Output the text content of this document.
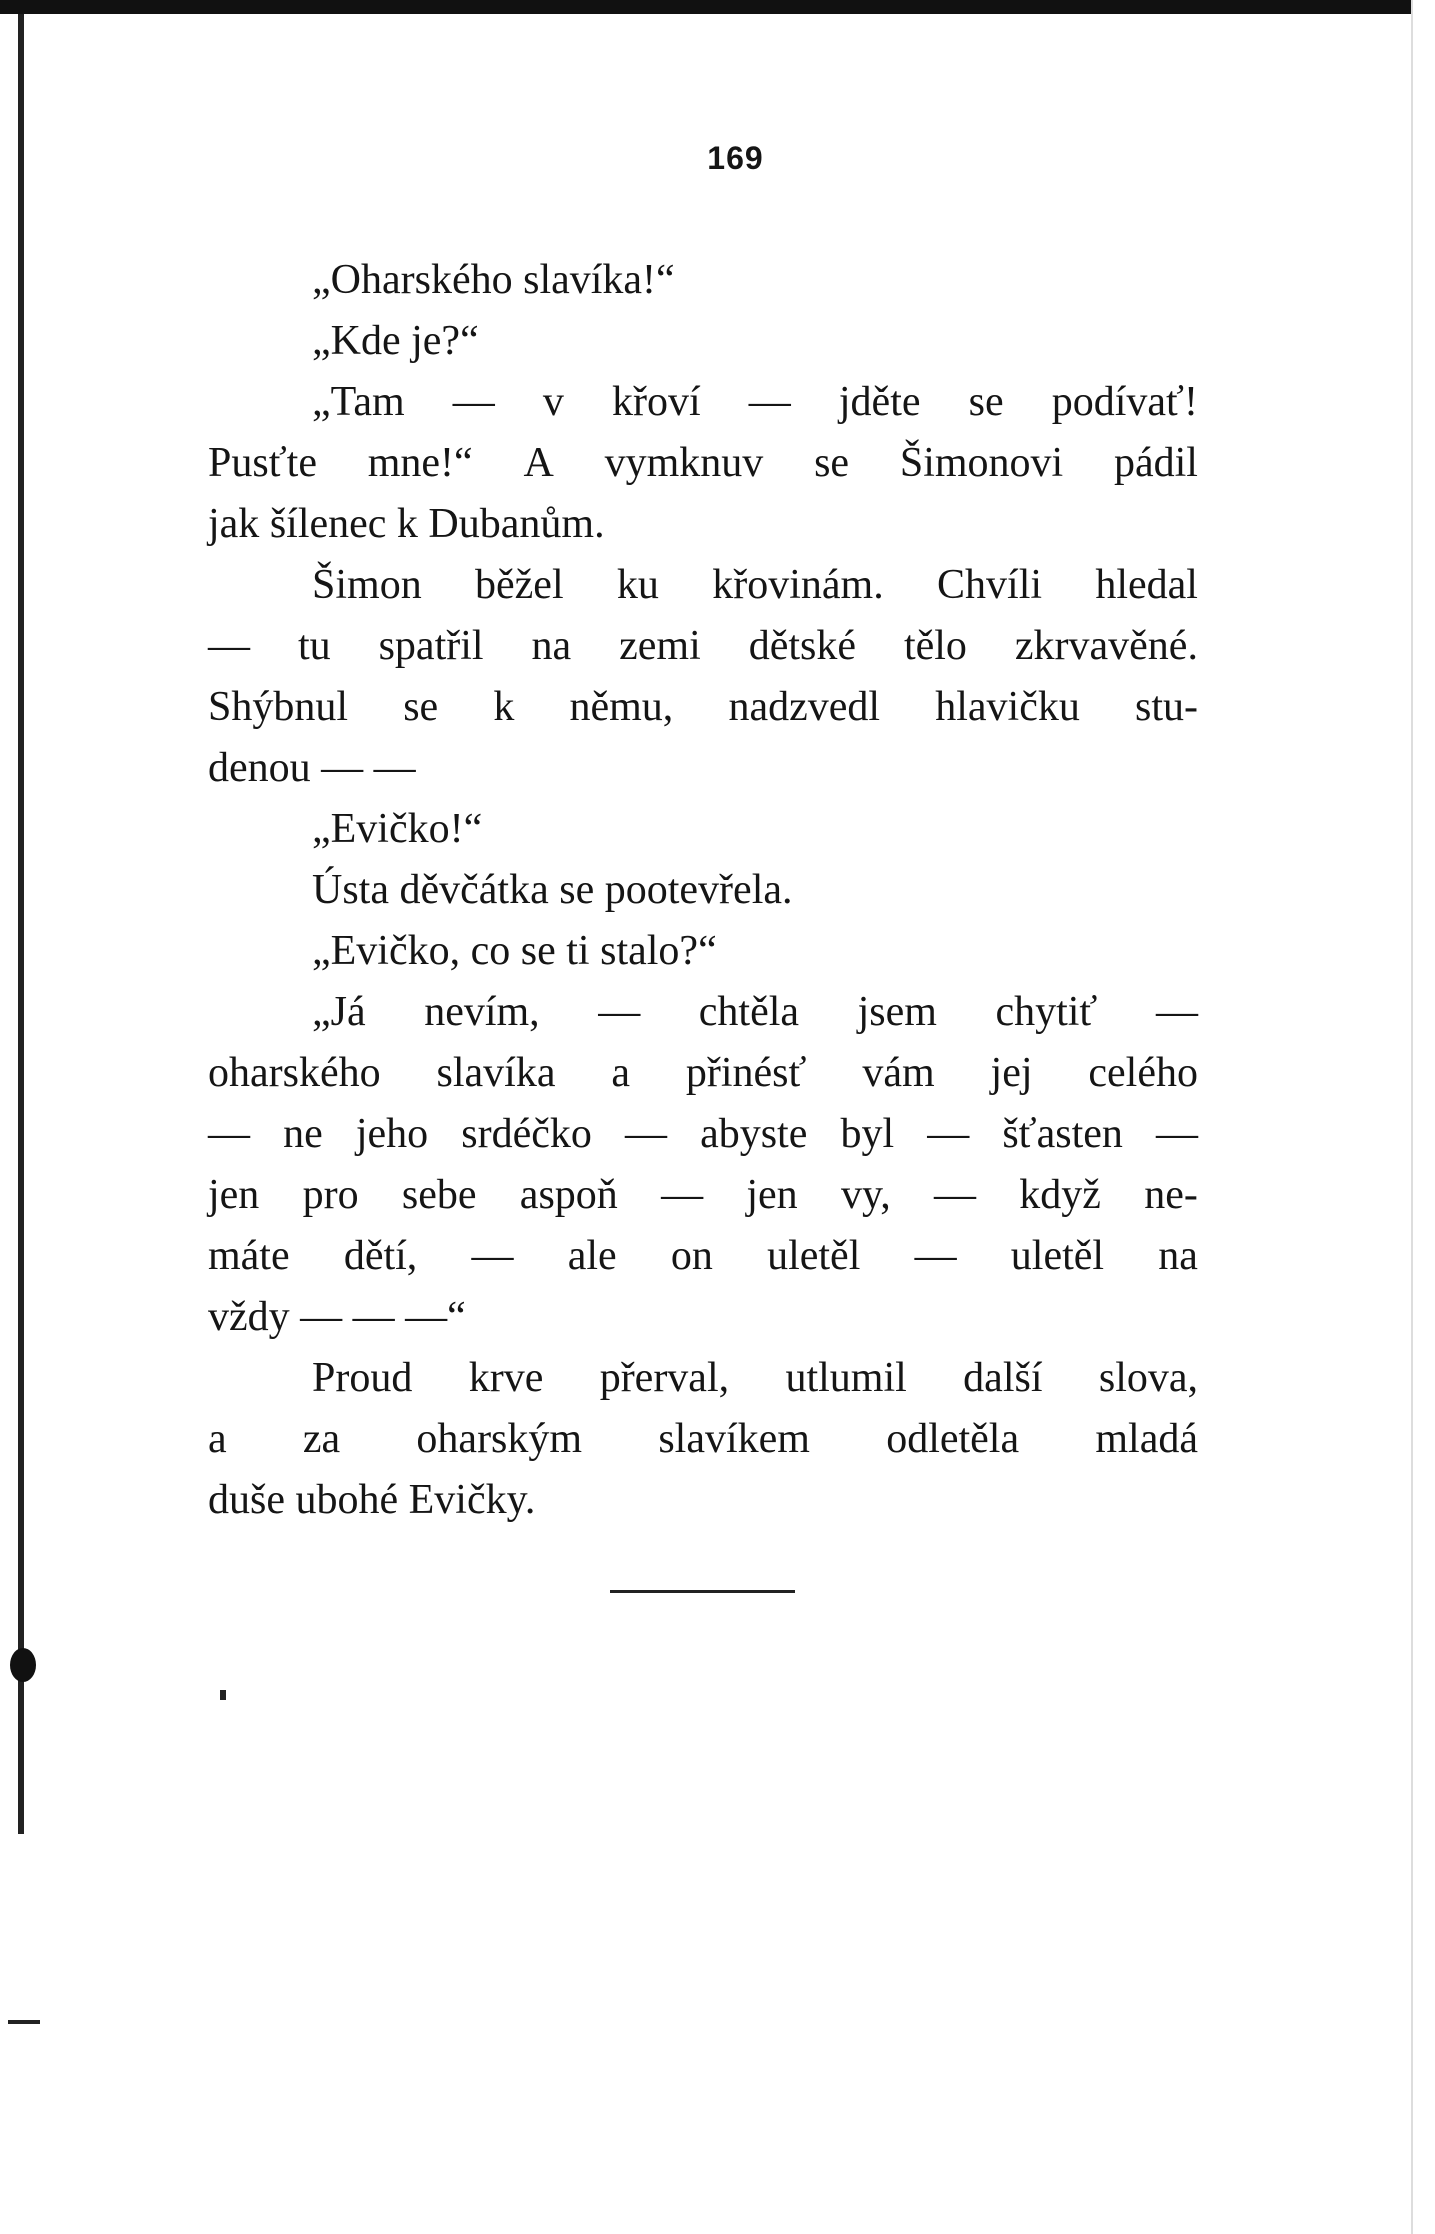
169
„Oharského slavíka!“
„Kde je?“
„Tam — v křoví — jděte se podívať!
Pusťte mne!“ A vymknuv se Šimonovi pádil
jak šílenec k Dubanům.
Šimon běžel ku křovinám. Chvíli hledal
— tu spatřil na zemi dětské tělo zkrvavěné.
Shýbnul se k němu, nadzvedl hlavičku stu-
denou — —
„Evičko!“
Ústa děvčátka se pootevřela.
„Evičko, co se ti stalo?“
„Já nevím, — chtěla jsem chytiť —
oharského slavíka a přinésť vám jej celého
— ne jeho srdéčko — abyste byl — šťasten —
jen pro sebe aspoň — jen vy, — když ne-
máte dětí, — ale on uletěl — uletěl na
vždy — — —“
Proud krve přerval, utlumil další slova,
a za oharským slavíkem odletěla mladá
duše ubohé Evičky.
